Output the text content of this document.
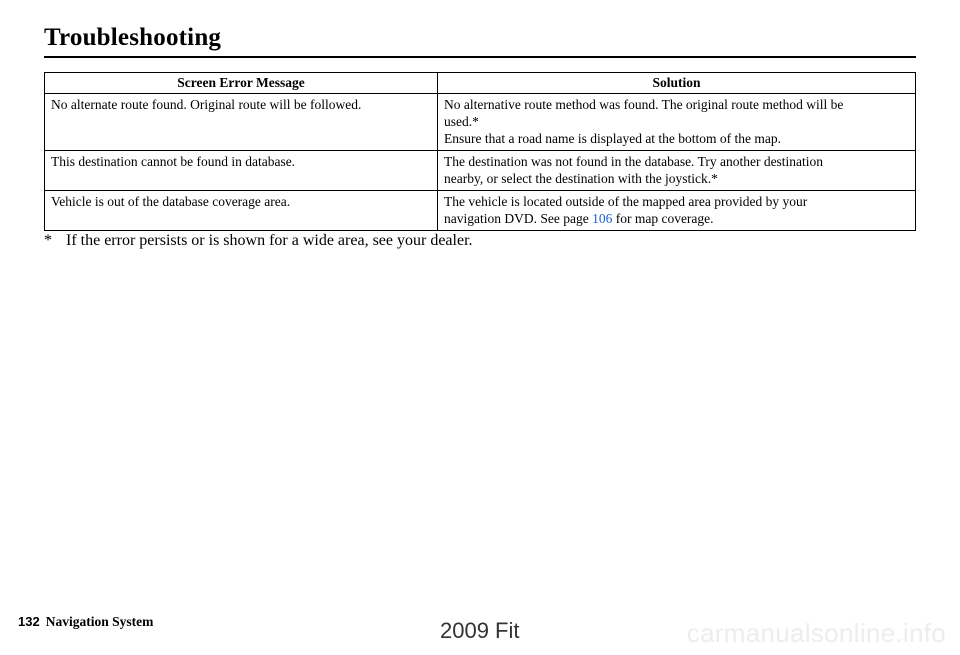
Troubleshooting
Screen Error Message	Solution
No alternate route found. Original route will be followed.	No alternative route method was found. The original route method will be
used.*
Ensure that a road name is displayed at the bottom of the map.

This destination cannot be found in database.	The destination was not found in the database. Try another destination
nearby, or select the destination with the joystick.*

Vehicle is out of the database coverage area.	The vehicle is located outside of the mapped area provided by your
navigation DVD. See page 106 for map coverage.
* If the error persists or is shown for a wide area, see your dealer.
132 Navigation System	2009 Fit	carmanualsonline.info
